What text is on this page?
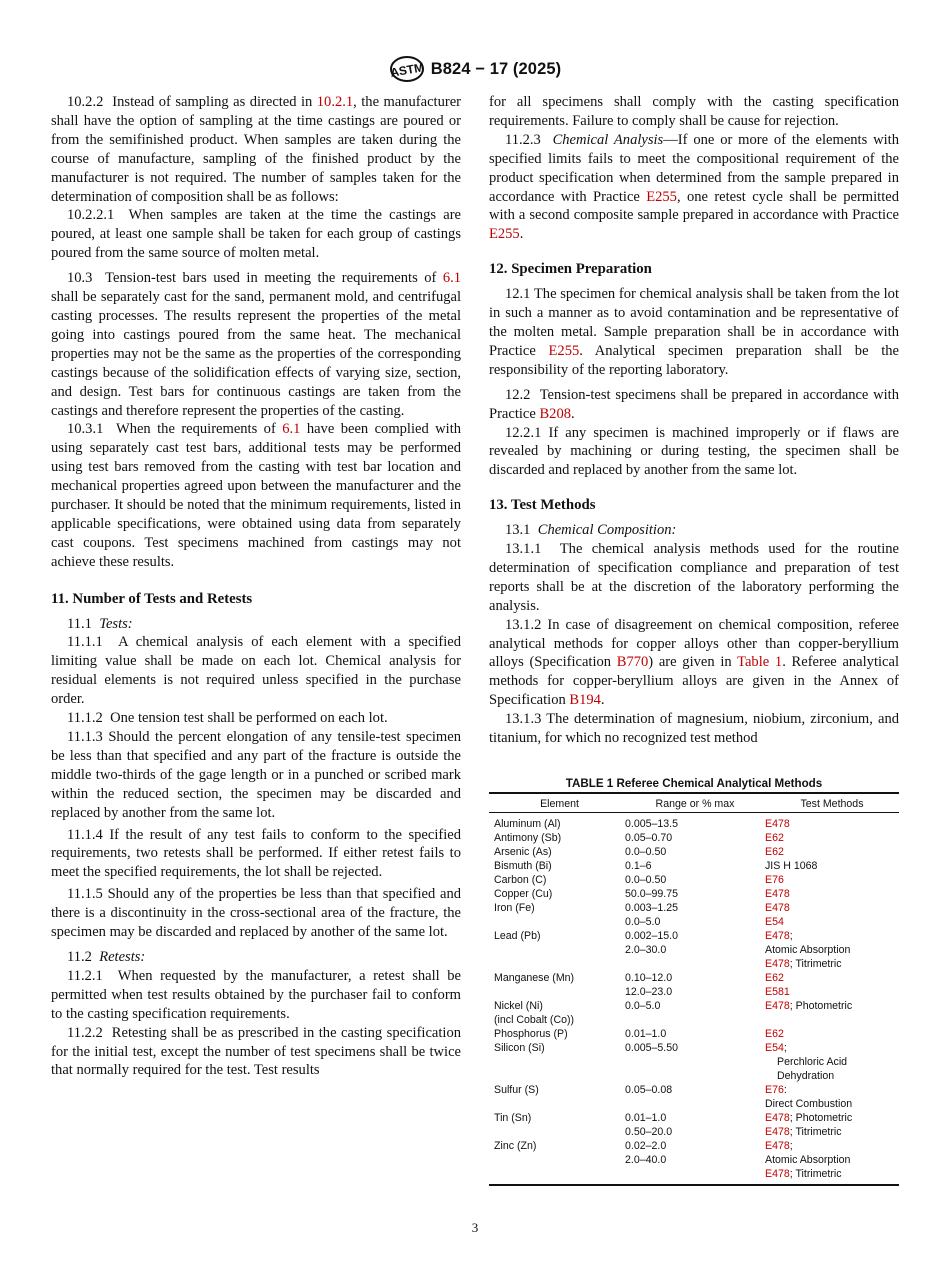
ASTM B824 − 17 (2025)

10.2.2 Instead of sampling as directed in 10.2.1, the manufacturer shall have the option of sampling at the time castings are poured or from the semifinished product. When samples are taken during the course of manufacture, sampling of the finished product by the manufacturer is not required. The number of samples taken for the determination of composition shall be as follows:

10.2.2.1 When samples are taken at the time the castings are poured, at least one sample shall be taken for each group of castings poured from the same source of molten metal.

10.3 Tension-test bars used in meeting the requirements of 6.1 shall be separately cast for the sand, permanent mold, and centrifugal casting processes. The results represent the properties of the metal going into castings poured from the same heat. The mechanical properties may not be the same as the properties of the corresponding castings because of the solidification effects of varying size, section, and design. Test bars for continuous castings are taken from the castings and therefore represent the properties of the casting.

10.3.1 When the requirements of 6.1 have been complied with using separately cast test bars, additional tests may be performed using test bars removed from the casting with test bar location and mechanical properties agreed upon between the manufacturer and the purchaser. It should be noted that the minimum requirements, listed in applicable specifications, were obtained using data from separately cast coupons. Test specimens machined from castings may not achieve these results.

11. Number of Tests and Retests

11.1 Tests:

11.1.1 A chemical analysis of each element with a specified limiting value shall be made on each lot. Chemical analysis for residual elements is not required unless specified in the purchase order.

11.1.2 One tension test shall be performed on each lot.

11.1.3 Should the percent elongation of any tensile-test specimen be less than that specified and any part of the fracture is outside the middle two-thirds of the gage length or in a punched or scribed mark within the reduced section, the specimen may be discarded and replaced by another from the same lot.

11.1.4 If the result of any test fails to conform to the specified requirements, two retests shall be performed. If either retest fails to meet the specified requirements, the lot shall be rejected.

11.1.5 Should any of the properties be less than that specified and there is a discontinuity in the cross-sectional area of the fracture, the specimen may be discarded and replaced by another of the same lot.

11.2 Retests:

11.2.1 When requested by the manufacturer, a retest shall be permitted when test results obtained by the purchaser fail to conform to the casting specification requirements.

11.2.2 Retesting shall be as prescribed in the casting specification for the initial test, except the number of test specimens shall be twice that normally required for the test. Test results

for all specimens shall comply with the casting specification requirements. Failure to comply shall be cause for rejection.

11.2.3 Chemical Analysis—If one or more of the elements with specified limits fails to meet the compositional requirement of the product specification when determined from the sample prepared in accordance with Practice E255, one retest cycle shall be permitted with a second composite sample prepared in accordance with Practice E255.

12. Specimen Preparation

12.1 The specimen for chemical analysis shall be taken from the lot in such a manner as to avoid contamination and be representative of the molten metal. Sample preparation shall be in accordance with Practice E255. Analytical specimen preparation shall be the responsibility of the reporting laboratory.

12.2 Tension-test specimens shall be prepared in accordance with Practice B208.

12.2.1 If any specimen is machined improperly or if flaws are revealed by machining or during testing, the specimen shall be discarded and replaced by another from the same lot.

13. Test Methods

13.1 Chemical Composition:

13.1.1 The chemical analysis methods used for the routine determination of specification compliance and preparation of test reports shall be at the discretion of the laboratory performing the analysis.

13.1.2 In case of disagreement on chemical composition, referee analytical methods for copper alloys other than copper-beryllium alloys (Specification B770) are given in Table 1. Referee analytical methods for copper-beryllium alloys are given in the Annex of Specification B194.

13.1.3 The determination of magnesium, niobium, zirconium, and titanium, for which no recognized test method

TABLE 1 Referee Chemical Analytical Methods
Element	Range or % max	Test Methods
Aluminum (Al)	0.005–13.5	E478
Antimony (Sb)	0.05–0.70	E62
Arsenic (As)	0.0–0.50	E62
Bismuth (Bi)	0.1–6	JIS H 1068
Carbon (C)	0.0–0.50	E76
Copper (Cu)	50.0–99.75	E478
Iron (Fe)	0.003–1.25	E478
	0.0–5.0	E54
Lead (Pb)	0.002–15.0	E478;
	2.0–30.0	Atomic Absorption
		E478; Titrimetric
Manganese (Mn)	0.10–12.0	E62
	12.0–23.0	E581
Nickel (Ni)	0.0–5.0	E478; Photometric
(incl Cobalt (Co))		
Phosphorus (P)	0.01–1.0	E62
Silicon (Si)	0.005–5.50	E54;

		Perchloric Acid

		Dehydration

Sulfur (S)	0.05–0.08	E76:
		Direct Combustion
Tin (Sn)	0.01–1.0	E478; Photometric
	0.50–20.0	E478; Titrimetric
Zinc (Zn)	0.02–2.0	E478;
	2.0–40.0	Atomic Absorption
		E478; Titrimetric
3
